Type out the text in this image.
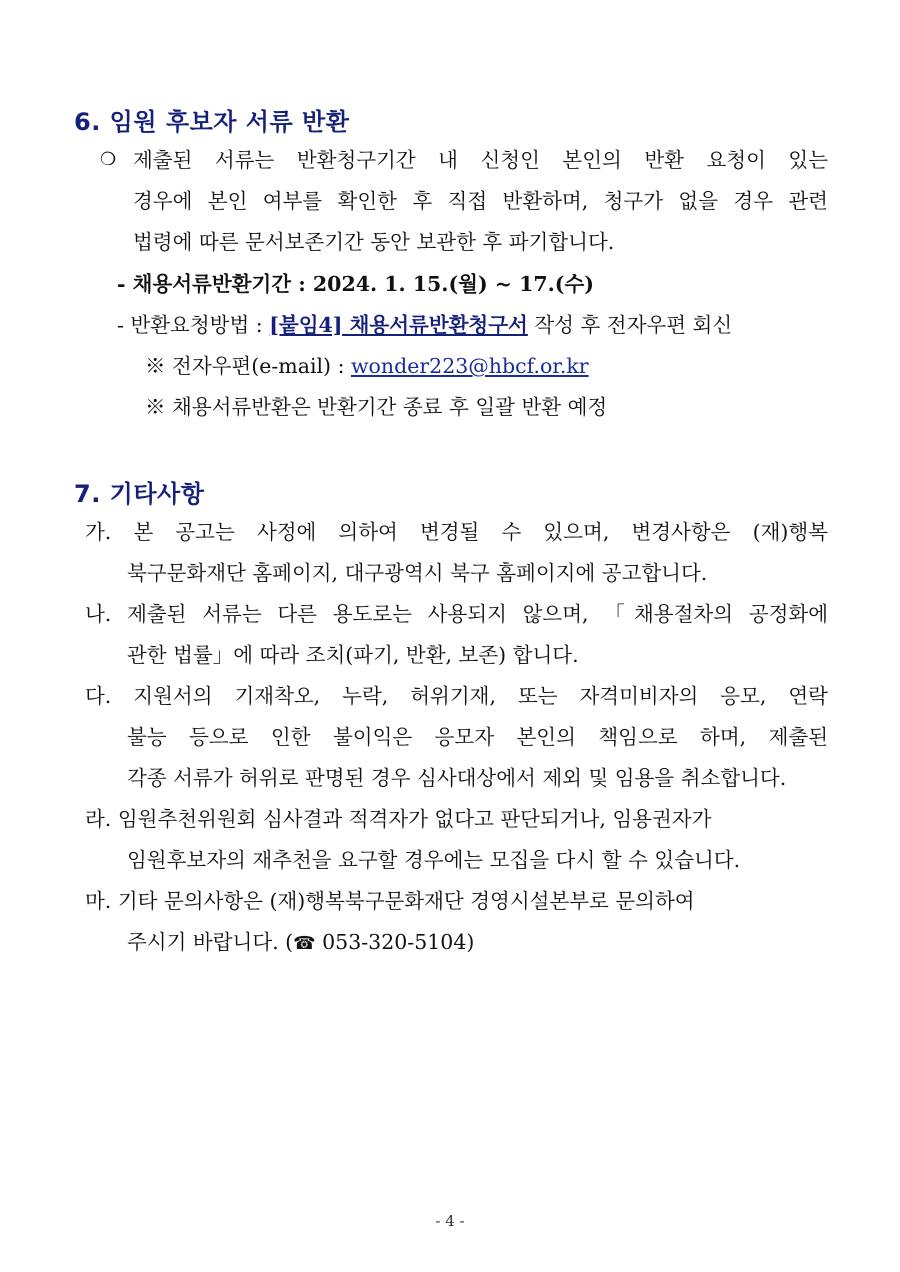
6. 임원 후보자 서류 반환
❍ 제출된 서류는 반환청구기간 내 신청인 본인의 반환 요청이 있는
경우에 본인 여부를 확인한 후 직접 반환하며, 청구가 없을 경우 관련
법령에 따른 문서보존기간 동안 보관한 후 파기합니다.
- 채용서류반환기간 : 2024. 1. 15.(월) ~ 17.(수)
- 반환요청방법 : [붙임4] 채용서류반환청구서 작성 후 전자우편 회신
※ 전자우편(e-mail) : wonder223@hbcf.or.kr
※ 채용서류반환은 반환기간 종료 후 일괄 반환 예정
7. 기타사항
가. 본 공고는 사정에 의하여 변경될 수 있으며, 변경사항은 (재)행복
북구문화재단 홈페이지, 대구광역시 북구 홈페이지에 공고합니다.
나. 제출된 서류는 다른 용도로는 사용되지 않으며, 「채용절차의 공정화에
관한 법률」에 따라 조치(파기, 반환, 보존) 합니다.
다. 지원서의 기재착오, 누락, 허위기재, 또는 자격미비자의 응모, 연락
불능 등으로 인한 불이익은 응모자 본인의 책임으로 하며, 제출된
각종 서류가 허위로 판명된 경우 심사대상에서 제외 및 임용을 취소합니다.
라. 임원추천위원회 심사결과 적격자가 없다고 판단되거나, 임용권자가
임원후보자의 재추천을 요구할 경우에는 모집을 다시 할 수 있습니다.
마. 기타 문의사항은 (재)행복북구문화재단 경영시설본부로 문의하여
주시기 바랍니다. (☎ 053-320-5104)
- 4 -
